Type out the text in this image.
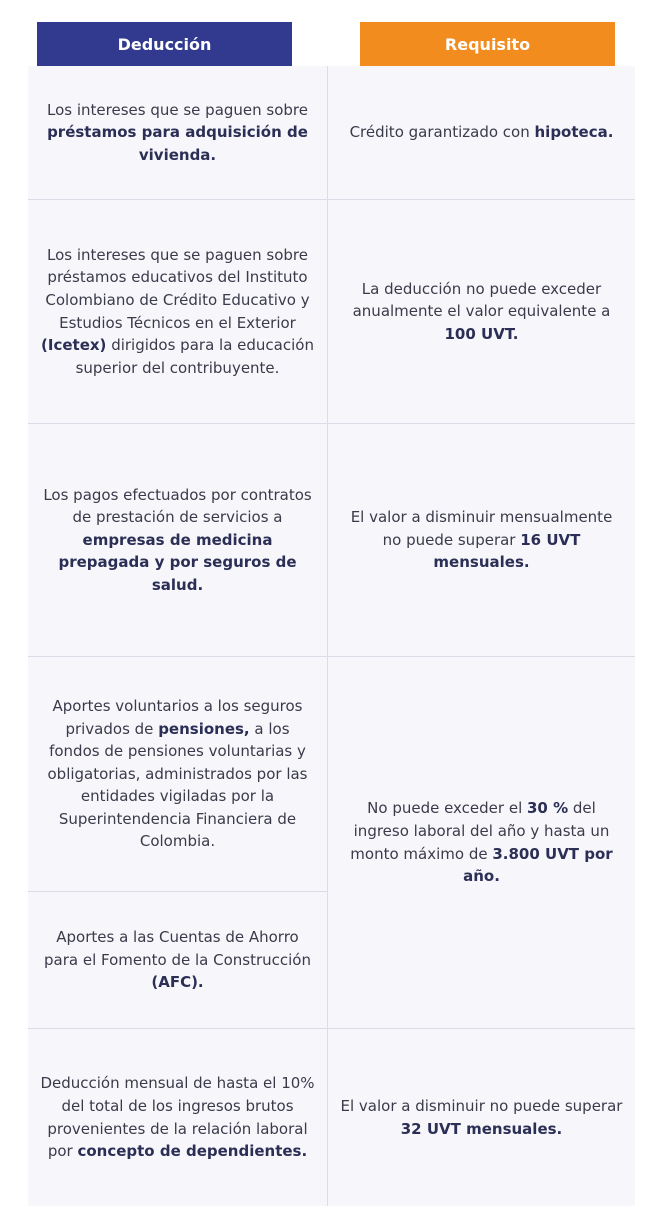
Deducción	Requisito

Los intereses que se paguen sobre préstamos para adquisición de vivienda.

Crédito garantizado con hipoteca.

Los intereses que se paguen sobre préstamos educativos del Instituto Colombiano de Crédito Educativo y Estudios Técnicos en el Exterior (Icetex) dirigidos para la educación superior del contribuyente.

La deducción no puede exceder anualmente el valor equivalente a 100 UVT.

Los pagos efectuados por contratos de prestación de servicios a empresas de medicina prepagada y por seguros de salud.

El valor a disminuir mensualmente no puede superar 16 UVT mensuales.

Aportes voluntarios a los seguros privados de pensiones, a los fondos de pensiones voluntarias y obligatorias, administrados por las entidades vigiladas por la Superintendencia Financiera de Colombia.

Aportes a las Cuentas de Ahorro para el Fomento de la Construcción (AFC).

No puede exceder el 30 % del ingreso laboral del año y hasta un monto máximo de 3.800 UVT por año.

Deducción mensual de hasta el 10% del total de los ingresos brutos provenientes de la relación laboral por concepto de dependientes.

El valor a disminuir no puede superar 32 UVT mensuales.
